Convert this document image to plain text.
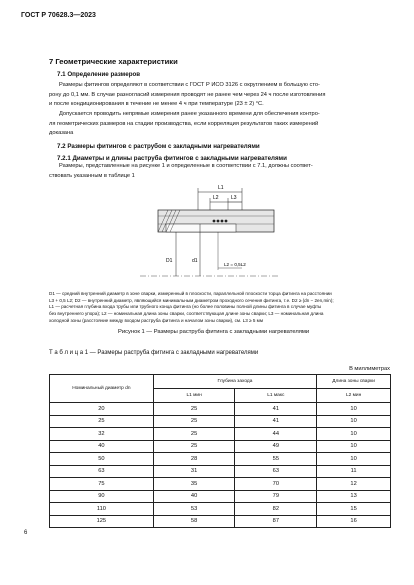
ГОСТ Р 70628.3—2023
7 Геометрические характеристики
7.1 Определение размеров
Размеры фитингов определяют в соответствии с ГОСТ Р ИСО 3126 с округлением в большую сто-
рону до 0,1 мм. В случае разногласий измерения проводят не ранее чем через 24 ч после изготовления
и после кондиционирования в течение не менее 4 ч при температуре (23 ± 2) °С.
Допускается проводить непрямые измерения ранее указанного времени для обеспечения контро-
ля геометрических размеров на стадии производства, если корреляция результатов таких измерений
доказана
7.2 Размеры фитингов с раструбом с закладными нагревателями
7.2.1 Диаметры и длины раструба фитингов с закладными нагревателями
Размеры, представленные на рисунке 1 и определенные в соответствии с 7.1, должны соответ-
ствовать указанным в таблице 1
L1
L2 L3
D1	d1
L2 = 0,5L2
D1 — средний внутренний диаметр в зоне сварки, измеренный в плоскости, параллельной плоскости торца фитинга на расстоянии
L3 + 0,5 L2; D2 — внутренний диаметр, являющийся минимальным диаметром проходного сечения фитинга, т.е. D2 ≥ (dn − 2en,min);
L1 — расчетная глубина входа трубы или трубного конца фитинга (но более половины полной длины фитинга в случае муфты
без внутреннего упора); L2 — номинальная длина зоны сварки, соответствующая длине зоны сварки; L3 — номинальная длина
холодной зоны (расстояние между входом раструба фитинга и началом зоны сварки), см. L3 ≥ 5 мм
Рисунок 1 — Размеры раструба фитинга с закладными нагревателями
Т а б л и ц а 1 — Размеры раструба фитинга с закладными нагревателями
В миллиметрах
Номинальный диаметр dn	Глубина захода		Длина зоны сварки
	L1 мин	L1 макс	L2 мин
20	25	41	10
25	25	41	10
32	25	44	10
40	25	49	10
50	28	55	10
63	31	63	11
75	35	70	12
90	40	79	13
110	53	82	15
125	58	87	16
6
